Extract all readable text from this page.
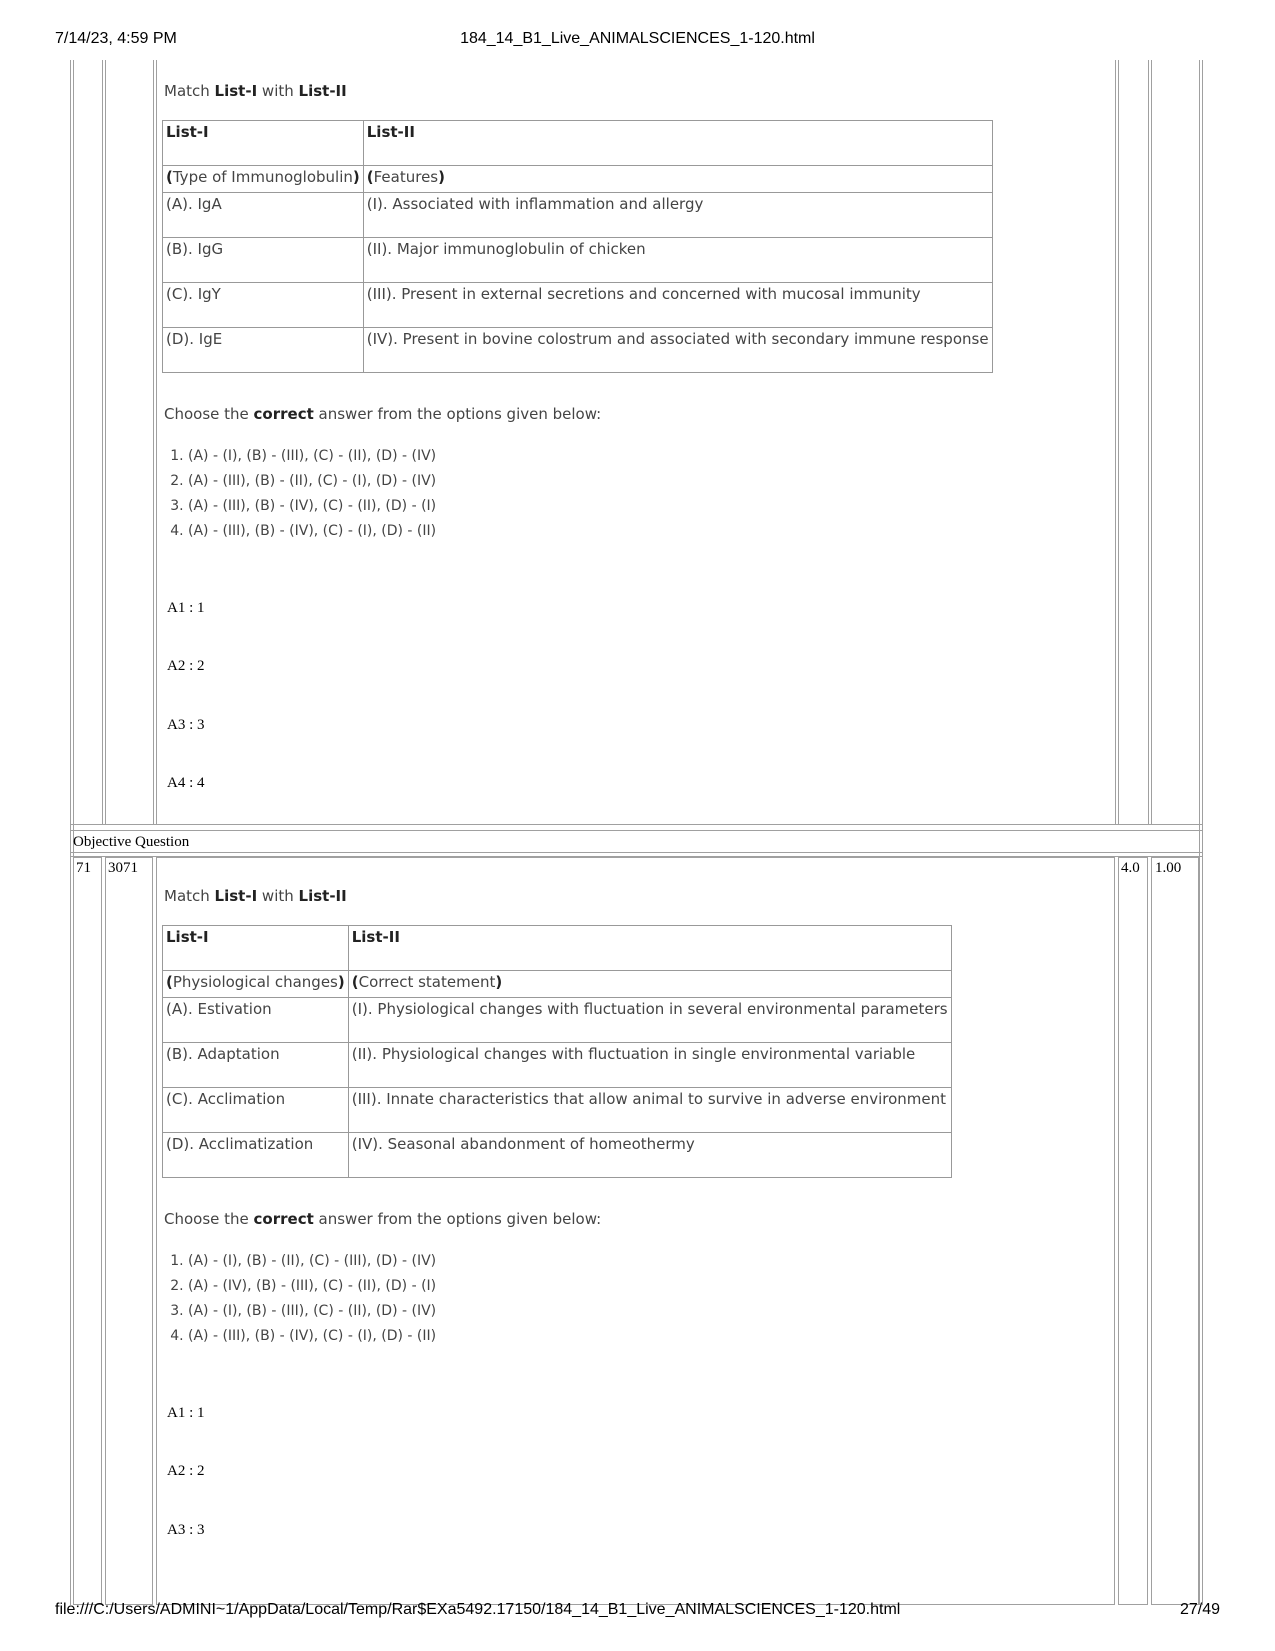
7/14/23, 4:59 PM	184_14_B1_Live_ANIMALSCIENCES_1-120.html
Objective Question
71 3071	4.0 1.00
Match List-I with List-II
List-I	List-II
(Type of Immunoglobulin)	(Features)
(A). IgA	(I). Associated with inflammation and allergy
(B). IgG	(II). Major immunoglobulin of chicken
(C). IgY	(III). Present in external secretions and concerned with mucosal immunity
(D). IgE	(IV). Present in bovine colostrum and associated with secondary immune response
Choose the correct answer from the options given below:
1. (A) - (I), (B) - (III), (C) - (II), (D) - (IV)
2. (A) - (III), (B) - (II), (C) - (I), (D) - (IV)
3. (A) - (III), (B) - (IV), (C) - (II), (D) - (I)
4. (A) - (III), (B) - (IV), (C) - (I), (D) - (II)
A1 : 1
A2 : 2
A3 : 3
A4 : 4
Match List-I with List-II
List-I	List-II
(Physiological changes)	(Correct statement)
(A). Estivation	(I). Physiological changes with fluctuation in several environmental parameters
(B). Adaptation	(II). Physiological changes with fluctuation in single environmental variable
(C). Acclimation	(III). Innate characteristics that allow animal to survive in adverse environment
(D). Acclimatization	(IV). Seasonal abandonment of homeothermy
Choose the correct answer from the options given below:
1. (A) - (I), (B) - (II), (C) - (III), (D) - (IV)
2. (A) - (IV), (B) - (III), (C) - (II), (D) - (I)
3. (A) - (I), (B) - (III), (C) - (II), (D) - (IV)
4. (A) - (III), (B) - (IV), (C) - (I), (D) - (II)
A1 : 1
A2 : 2
A3 : 3
file:///C:/Users/ADMINI~1/AppData/Local/Temp/Rar$EXa5492.17150/184_14_B1_Live_ANIMALSCIENCES_1-120.html	27/49
